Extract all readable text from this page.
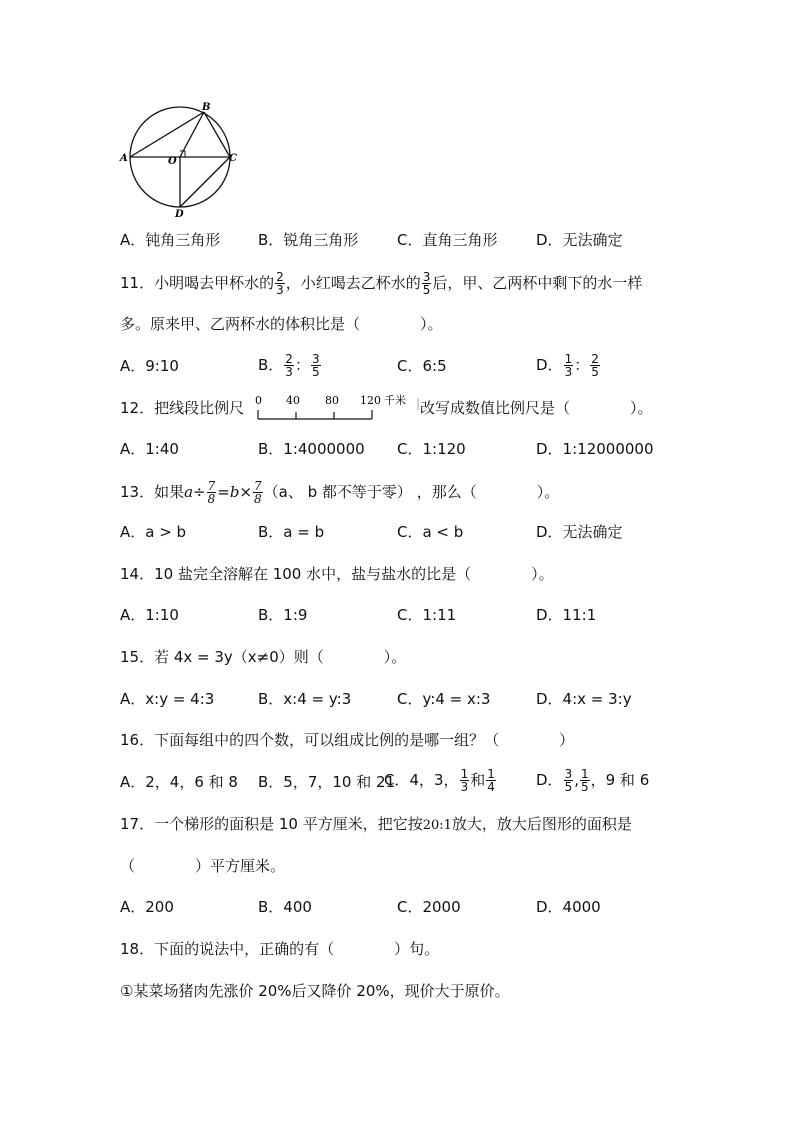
A
B
C
O
D
A．钝角三角形	B．锐角三角形	C．直角三角形	D．无法确定
11．小明喝去甲杯水的 $\frac{2}{3}$ ，小红喝去乙杯水的 $\frac{3}{5}$ 后，甲、乙两杯中剩下的水一样
多。原来甲、乙两杯水的体积比是（　　　　）。
A．9:10	B． $\frac{2}{3}$ ： $\frac{3}{5}$	C．6:5	D． $\frac{1}{3}$ ： $\frac{2}{5}$
12．把线段比例尺 0 40 80 120 千米 改写成数值比例尺是（　　　　）。
A．1:40	B．1:4000000 C．1:120	D．1:12000000
13．如果$a\div \frac{7}{8} =b\times \frac{7}{8} (a$、 b 都不等于零） ，那么（　　　　）。
A．a > b	B．a = b	C．a < b	D．无法确定
14．10 盐完全溶解在 100 水中，盐与盐水的比是（　　　　）。
A．1:10	B．1:9	C．1:11	D．11:1
15．若 4x = 3y（x≠0）则（　　　　）。
A．x:y = 4:3	B．x:4 = y:3	C．y:4 = x:3	D．4:x = 3:y
16．下面每组中的四个数，可以组成比例的是哪一组？（　　　　）
A．2，4，6 和 8 B．5，7，10 和 21
C．4，3， $\frac{1}{3}$ 和 $\frac{1}{4}$	D． $\frac{3}{5}$ , $\frac{1}{5}$ ，9 和 6
17．一个梯形的面积是 10 平方厘米，把它按20:1放大，放大后图形的面积是
（　　　　）平方厘米。
A．200	B．400	C．2000	D．4000
18．下面的说法中，正确的有（　　　　）句。
①某菜场猪肉先涨价 20%后又降价 20%，现价大于原价。
